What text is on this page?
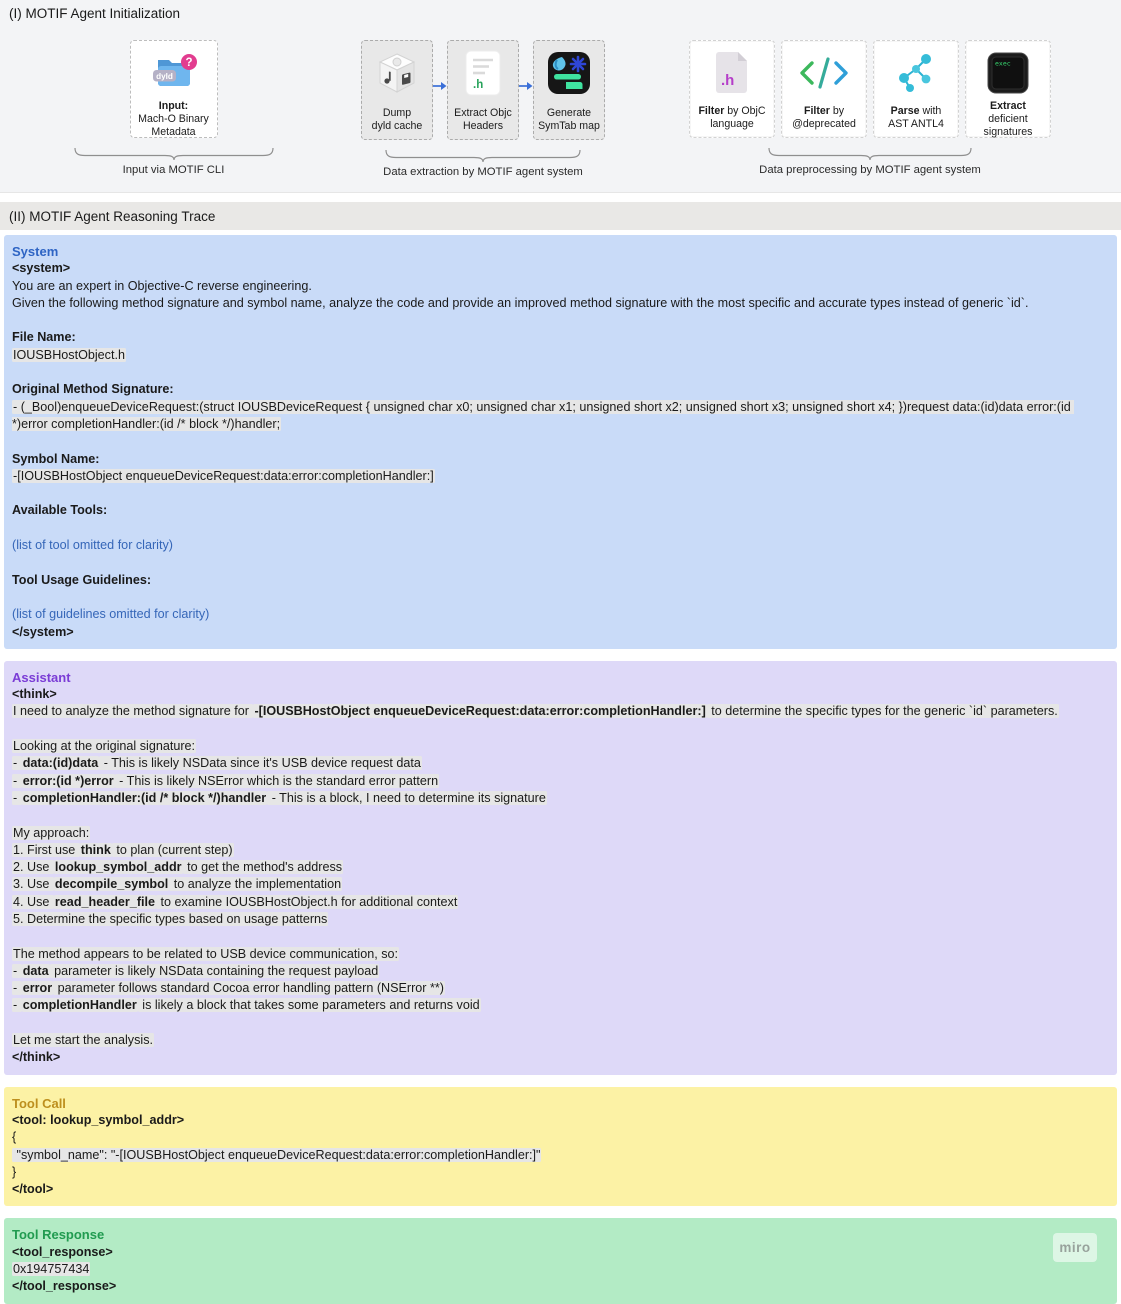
(I) MOTIF Agent Initialization
dyld
?
Input:
Mach-O Binary
Metadata
Input via MOTIF CLI
Dump
dyld cache
.h
Extract Objc
Headers
Generate
SymTab map
Data extraction by MOTIF agent system
.h
Filter by ObjC
language
Filter by
@deprecated
Parse with
AST ANTL4
exec
Extract deficient
signatures
Data preprocessing by MOTIF agent system
(II) MOTIF Agent Reasoning Trace
System
<system>
You are an expert in Objective-C reverse engineering.
Given the following method signature and symbol name, analyze the code and provide an improved method signature with the most specific and accurate types instead of generic `id`.

File Name:
IOUSBHostObject.h

Original Method Signature:
- (_Bool)enqueueDeviceRequest:(struct IOUSBDeviceRequest { unsigned char x0; unsigned char x1; unsigned short x2; unsigned short x3; unsigned short x4; })request data:(id)data error:(id *)error completionHandler:(id /* block */)handler;

Symbol Name:
-[IOUSBHostObject enqueueDeviceRequest:data:error:completionHandler:]

Available Tools:

(list of tool omitted for clarity)

Tool Usage Guidelines:

(list of guidelines omitted for clarity)
</system>
Assistant
<think>
I need to analyze the method signature for -[IOUSBHostObject enqueueDeviceRequest:data:error:completionHandler:] to determine the specific types for the generic `id` parameters.

Looking at the original signature:
- data:(id)data - This is likely NSData since it's USB device request data
- error:(id *)error - This is likely NSError which is the standard error pattern
- completionHandler:(id /* block */)handler - This is a block, I need to determine its signature

My approach:
1. First use think to plan (current step)
2. Use lookup_symbol_addr to get the method's address
3. Use decompile_symbol to analyze the implementation
4. Use read_header_file to examine IOUSBHostObject.h for additional context
5. Determine the specific types based on usage patterns

The method appears to be related to USB device communication, so:
- data parameter is likely NSData containing the request payload
- error parameter follows standard Cocoa error handling pattern (NSError **)
- completionHandler is likely a block that takes some parameters and returns void

Let me start the analysis.
</think>
Tool Call
<tool: lookup_symbol_addr>
{
"symbol_name": "-[IOUSBHostObject enqueueDeviceRequest:data:error:completionHandler:]"
}
</tool>
Tool Response
<tool_response>
0x194757434
</tool_response>
miro
